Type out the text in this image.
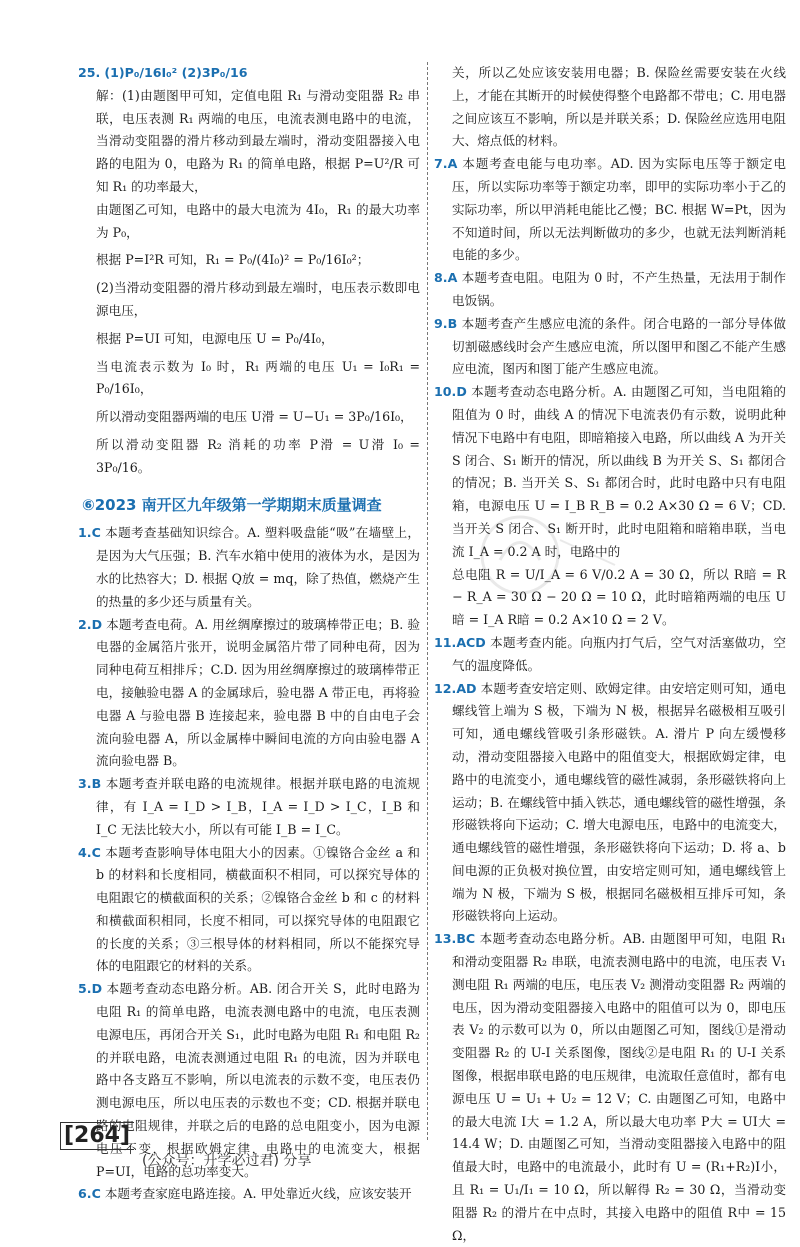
25. (1)P₀/16I₀² (2)3P₀/16

解：(1)由题图甲可知，定值电阻 R₁ 与滑动变阻器 R₂ 串联，电压表测 R₁ 两端的电压，电流表测电路中的电流，当滑动变阻器的滑片移动到最左端时，滑动变阻器接入电路的电阻为 0，电路为 R₁ 的简单电路，根据 P=U²/R 可知 R₁ 的功率最大，

由题图乙可知，电路中的最大电流为 4I₀，R₁ 的最大功率为 P₀，

根据 P=I²R 可知，R₁ = P₀/(4I₀)² = P₀/16I₀²；

(2)当滑动变阻器的滑片移动到最左端时，电压表示数即电源电压，

根据 P=UI 可知，电源电压 U = P₀/4I₀，

当电流表示数为 I₀ 时，R₁ 两端的电压 U₁ = I₀R₁ = P₀/16I₀，

所以滑动变阻器两端的电压 U滑 = U−U₁ = 3P₀/16I₀，

所以滑动变阻器 R₂ 消耗的功率 P滑 = U滑 I₀ = 3P₀/16。

⑥2023 南开区九年级第一学期期末质量调查

1.C 本题考查基础知识综合。A. 塑料吸盘能“吸”在墙壁上，是因为大气压强；B. 汽车水箱中使用的液体为水，是因为水的比热容大；D. 根据 Q放 = mq，除了热值，燃烧产生的热量的多少还与质量有关。

2.D 本题考查电荷。A. 用丝绸摩擦过的玻璃棒带正电；B. 验电器的金属箔片张开，说明金属箔片带了同种电荷，因为同种电荷互相排斥；C.D. 因为用丝绸摩擦过的玻璃棒带正电，接触验电器 A 的金属球后，验电器 A 带正电，再将验电器 A 与验电器 B 连接起来，验电器 B 中的自由电子会流向验电器 A，所以金属棒中瞬间电流的方向由验电器 A 流向验电器 B。

3.B 本题考查并联电路的电流规律。根据并联电路的电流规律，有 I_A = I_D > I_B，I_A = I_D > I_C，I_B 和 I_C 无法比较大小，所以有可能 I_B = I_C。

4.C 本题考查影响导体电阻大小的因素。①镍铬合金丝 a 和 b 的材料和长度相同，横截面积不相同，可以探究导体的电阻跟它的横截面积的关系；②镍铬合金丝 b 和 c 的材料和横截面积相同，长度不相同，可以探究导体的电阻跟它的长度的关系；③三根导体的材料相同，所以不能探究导体的电阻跟它的材料的关系。

5.D 本题考查动态电路分析。AB. 闭合开关 S，此时电路为电阻 R₁ 的简单电路，电流表测电路中的电流，电压表测电源电压，再闭合开关 S₁，此时电路为电阻 R₁ 和电阻 R₂ 的并联电路，电流表测通过电阻 R₁ 的电流，因为并联电路中各支路互不影响，所以电流表的示数不变，电压表仍测电源电压，所以电压表的示数也不变；CD. 根据并联电路的电阻规律，并联之后的电路的总电阻变小，因为电源电压不变，根据欧姆定律，电路中的电流变大，根据 P=UI，电路的总功率变大。

6.C 本题考查家庭电路连接。A. 甲处靠近火线，应该安装开

关，所以乙处应该安装用电器；B. 保险丝需要安装在火线上，才能在其断开的时候使得整个电路都不带电；C. 用电器之间应该互不影响，所以是并联关系；D. 保险丝应选用电阻大、熔点低的材料。

7.A 本题考查电能与电功率。AD. 因为实际电压等于额定电压，所以实际功率等于额定功率，即甲的实际功率小于乙的实际功率，所以甲消耗电能比乙慢；BC. 根据 W=Pt，因为不知道时间，所以无法判断做功的多少，也就无法判断消耗电能的多少。

8.A 本题考查电阻。电阻为 0 时，不产生热量，无法用于制作电饭锅。

9.B 本题考查产生感应电流的条件。闭合电路的一部分导体做切割磁感线时会产生感应电流，所以图甲和图乙不能产生感应电流，图丙和图丁能产生感应电流。

10.D 本题考查动态电路分析。A. 由题图乙可知，当电阻箱的阻值为 0 时，曲线 A 的情况下电流表仍有示数，说明此种情况下电路中有电阻，即暗箱接入电路，所以曲线 A 为开关 S 闭合、S₁ 断开的情况，所以曲线 B 为开关 S、S₁ 都闭合的情况；B. 当开关 S、S₁ 都闭合时，此时电路中只有电阻箱，电源电压 U = I_B R_B = 0.2 A×30 Ω = 6 V；CD. 当开关 S 闭合、S₁ 断开时，此时电阻箱和暗箱串联，当电流 I_A = 0.2 A 时，电路中的

总电阻 R = U/I_A = 6 V/0.2 A = 30 Ω，所以 R暗 = R − R_A = 30 Ω − 20 Ω = 10 Ω，此时暗箱两端的电压 U暗 = I_A R暗 = 0.2 A×10 Ω = 2 V。

11.ACD 本题考查内能。向瓶内打气后，空气对活塞做功，空气的温度降低。

12.AD 本题考查安培定则、欧姆定律。由安培定则可知，通电螺线管上端为 S 极，下端为 N 极，根据异名磁极相互吸引可知，通电螺线管吸引条形磁铁。A. 滑片 P 向左缓慢移动，滑动变阻器接入电路中的阻值变大，根据欧姆定律，电路中的电流变小，通电螺线管的磁性减弱，条形磁铁将向上运动；B. 在螺线管中插入铁芯，通电螺线管的磁性增强，条形磁铁将向下运动；C. 增大电源电压，电路中的电流变大，通电螺线管的磁性增强，条形磁铁将向下运动；D. 将 a、b 间电源的正负极对换位置，由安培定则可知，通电螺线管上端为 N 极，下端为 S 极，根据同名磁极相互排斥可知，条形磁铁将向上运动。

13.BC 本题考查动态电路分析。AB. 由题图甲可知，电阻 R₁ 和滑动变阻器 R₂ 串联，电流表测电路中的电流，电压表 V₁ 测电阻 R₁ 两端的电压，电压表 V₂ 测滑动变阻器 R₂ 两端的电压，因为滑动变阻器接入电路中的阻值可以为 0，即电压表 V₂ 的示数可以为 0，所以由题图乙可知，图线①是滑动变阻器 R₂ 的 U-I 关系图像，图线②是电阻 R₁ 的 U-I 关系图像，根据串联电路的电压规律，电流取任意值时，都有电源电压 U = U₁ + U₂ = 12 V；C. 由题图乙可知，电路中的最大电流 I大 = 1.2 A，所以最大电功率 P大 = UI大 = 14.4 W；D. 由题图乙可知，当滑动变阻器接入电路中的阻值最大时，电路中的电流最小，此时有 U = (R₁+R₂)I小，且 R₁ = U₁/I₁ = 10 Ω，所以解得 R₂ = 30 Ω，当滑动变阻器 R₂ 的滑片在中点时，其接入电路中的阻值 R中 = 15 Ω，

[264]
(公众号：升学必过君) 分享
